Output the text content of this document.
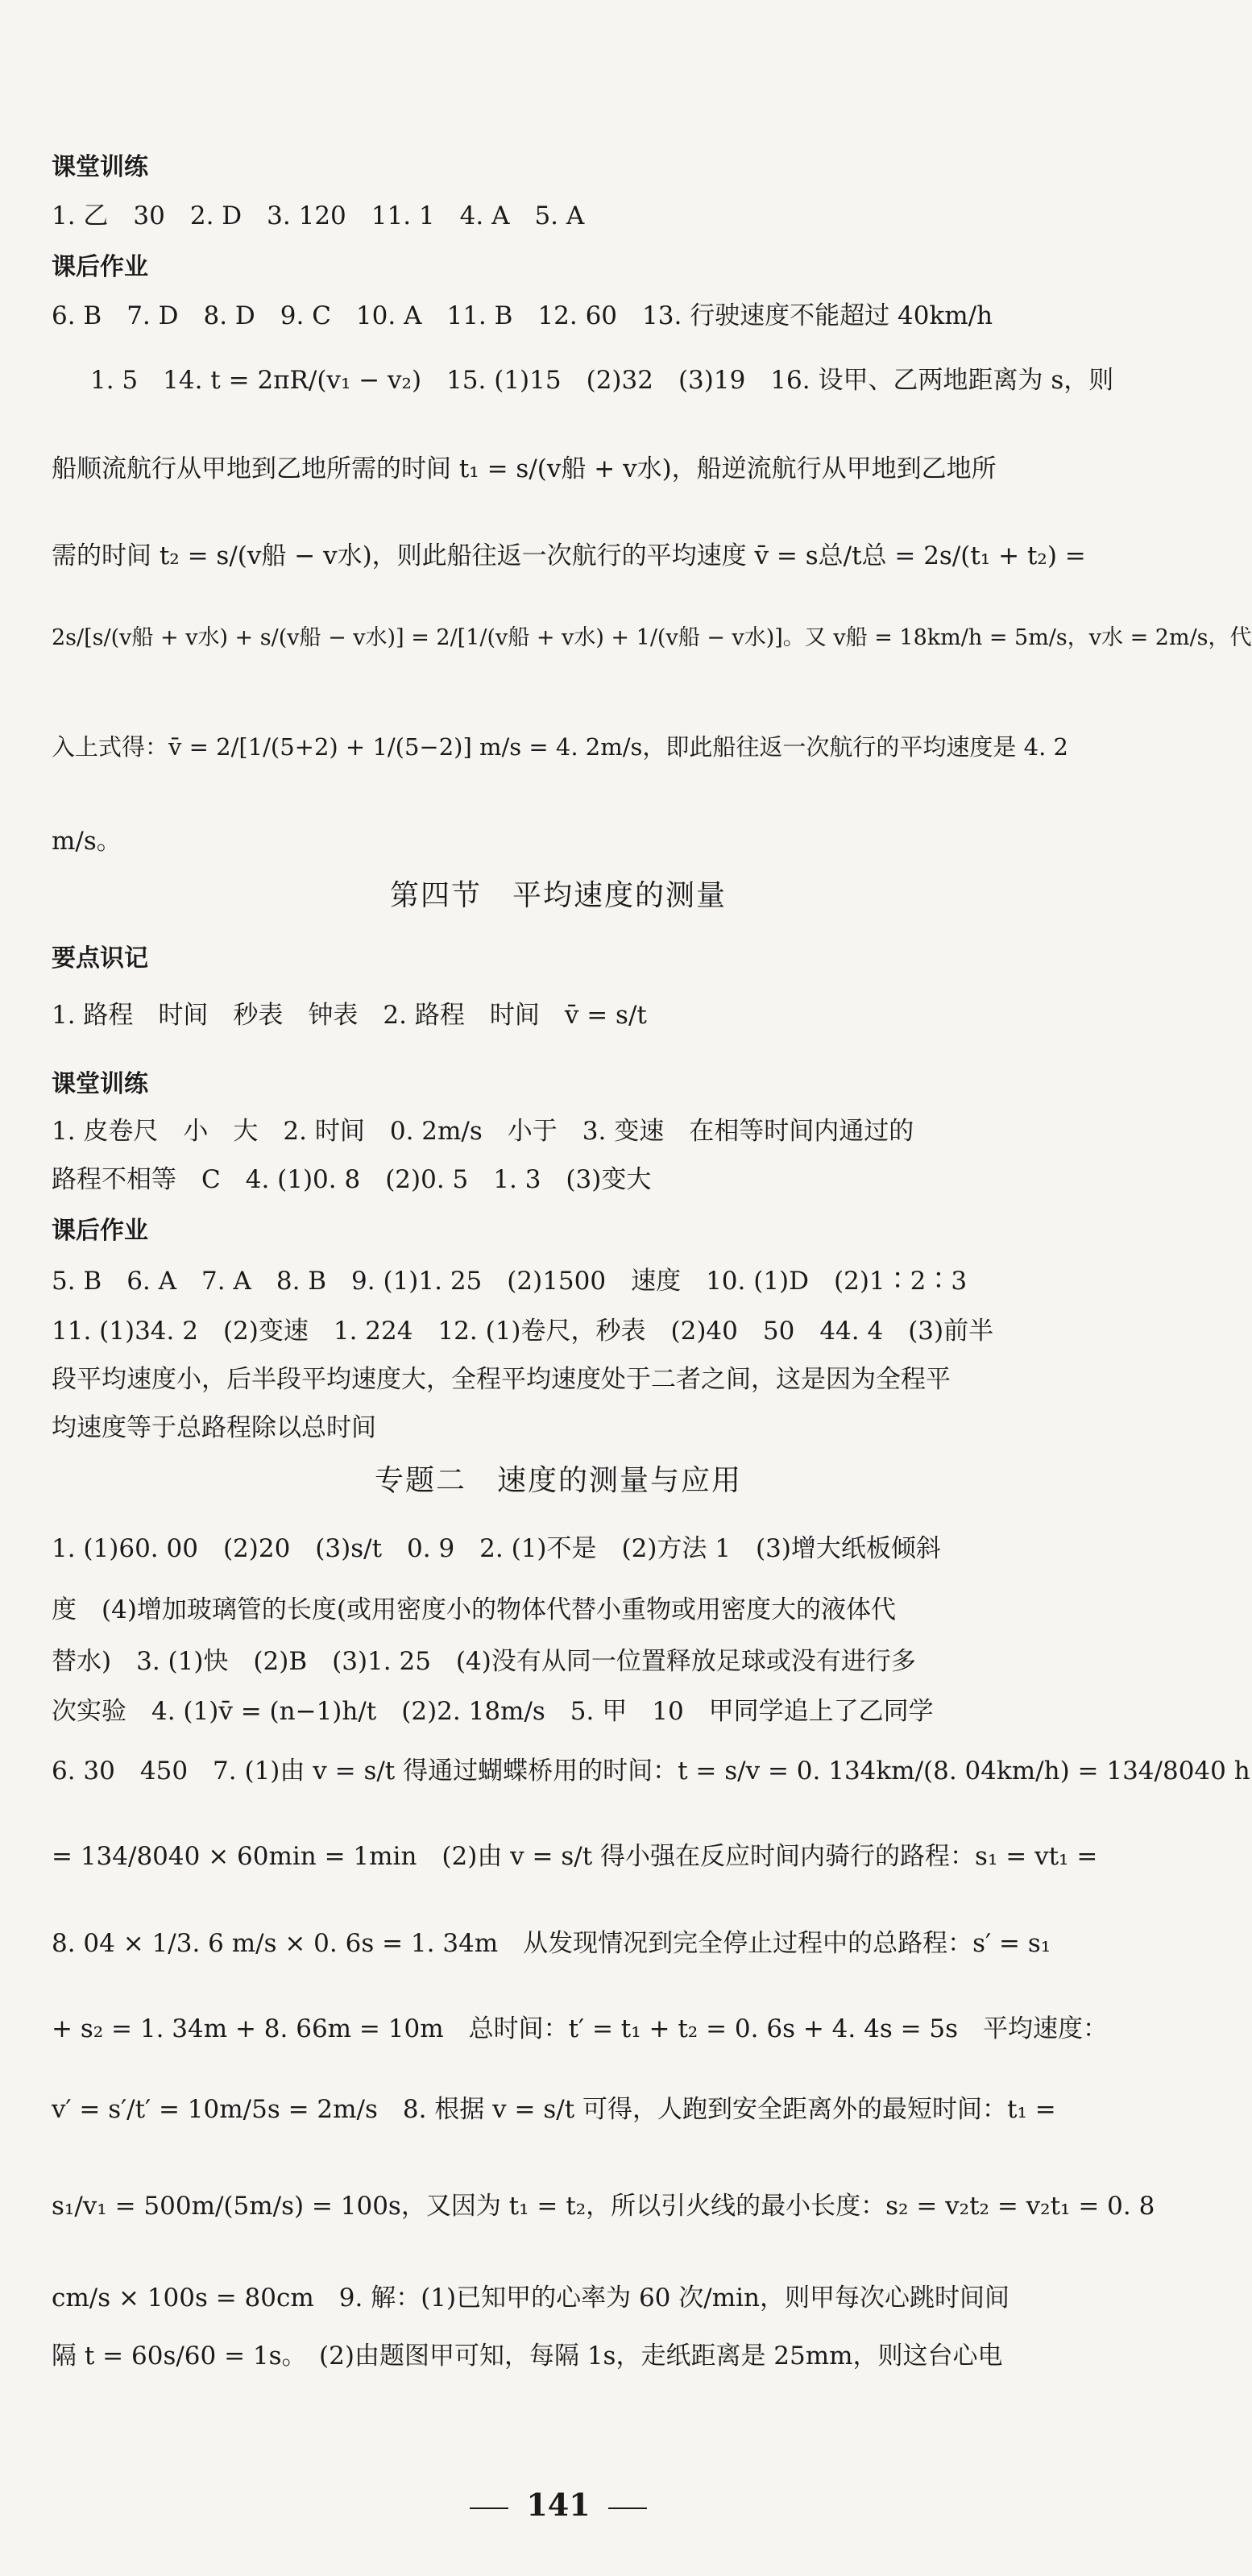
课堂训练
1. 乙　30　2. D　3. 120　11. 1　4. A　5. A
课后作业
6. B　7. D　8. D　9. C　10. A　11. B　12. 60　13. 行驶速度不能超过 40km/h
1. 5　14. t = 2πR/(v₁ − v₂)　15. (1)15　(2)32　(3)19　16. 设甲、乙两地距离为 s，则
船顺流航行从甲地到乙地所需的时间 t₁ = s/(v船 + v水)，船逆流航行从甲地到乙地所
需的时间 t₂ = s/(v船 − v水)，则此船往返一次航行的平均速度 v̄ = s总/t总 = 2s/(t₁ + t₂) =
2s/[s/(v船 + v水) + s/(v船 − v水)] = 2/[1/(v船 + v水) + 1/(v船 − v水)]。又 v船 = 18km/h = 5m/s，v水 = 2m/s，代
入上式得：v̄ = 2/[1/(5+2) + 1/(5−2)] m/s = 4. 2m/s，即此船往返一次航行的平均速度是 4. 2
m/s。
第四节　平均速度的测量
要点识记
1. 路程　时间　秒表　钟表　2. 路程　时间　v̄ = s/t
课堂训练
1. 皮卷尺　小　大　2. 时间　0. 2m/s　小于　3. 变速　在相等时间内通过的
路程不相等　C　4. (1)0. 8　(2)0. 5　1. 3　(3)变大
课后作业
5. B　6. A　7. A　8. B　9. (1)1. 25　(2)1500　速度　10. (1)D　(2)1∶2∶3
11. (1)34. 2　(2)变速　1. 224　12. (1)卷尺，秒表　(2)40　50　44. 4　(3)前半
段平均速度小，后半段平均速度大，全程平均速度处于二者之间，这是因为全程平
均速度等于总路程除以总时间
专题二　速度的测量与应用
1. (1)60. 00　(2)20　(3)s/t　0. 9　2. (1)不是　(2)方法 1　(3)增大纸板倾斜
度　(4)增加玻璃管的长度(或用密度小的物体代替小重物或用密度大的液体代
替水)　3. (1)快　(2)B　(3)1. 25　(4)没有从同一位置释放足球或没有进行多
次实验　4. (1)v̄ = (n−1)h/t　(2)2. 18m/s　5. 甲　10　甲同学追上了乙同学
6. 30　450　7. (1)由 v = s/t 得通过蝴蝶桥用的时间：t = s/v = 0. 134km/(8. 04km/h) = 134/8040 h
= 134/8040 × 60min = 1min　(2)由 v = s/t 得小强在反应时间内骑行的路程：s₁ = vt₁ =
8. 04 × 1/3. 6 m/s × 0. 6s = 1. 34m　从发现情况到完全停止过程中的总路程：s′ = s₁
+ s₂ = 1. 34m + 8. 66m = 10m　总时间：t′ = t₁ + t₂ = 0. 6s + 4. 4s = 5s　平均速度：
v′ = s′/t′ = 10m/5s = 2m/s　8. 根据 v = s/t 可得，人跑到安全距离外的最短时间：t₁ =
s₁/v₁ = 500m/(5m/s) = 100s，又因为 t₁ = t₂，所以引火线的最小长度：s₂ = v₂t₂ = v₂t₁ = 0. 8
cm/s × 100s = 80cm　9. 解：(1)已知甲的心率为 60 次/min，则甲每次心跳时间间
隔 t = 60s/60 = 1s。　(2)由题图甲可知，每隔 1s，走纸距离是 25mm，则这台心电
141
